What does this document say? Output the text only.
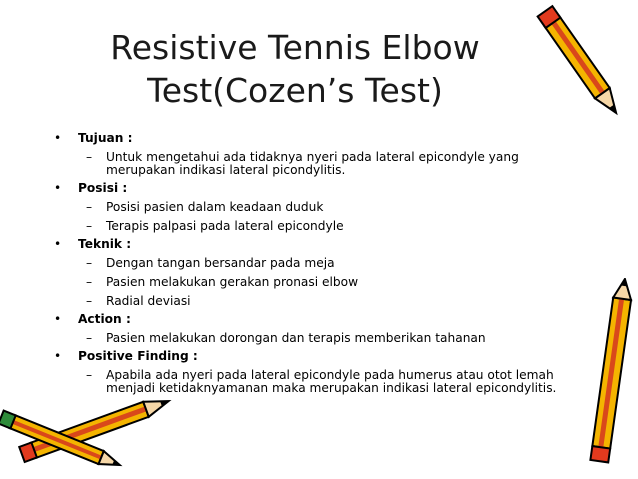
Resistive Tennis Elbow
Test(Cozen’s Test)
• Tujuan :
– Untuk mengetahui ada tidaknya nyeri pada lateral epicondyle yang
merupakan indikasi lateral picondylitis.
• Posisi :
– Posisi pasien dalam keadaan duduk
– Terapis palpasi pada lateral epicondyle
• Teknik :
– Dengan tangan bersandar pada meja
– Pasien melakukan gerakan pronasi elbow
– Radial deviasi
• Action :
– Pasien melakukan dorongan dan terapis memberikan tahanan
• Positive Finding :
– Apabila ada nyeri pada lateral epicondyle pada humerus atau otot lemah
menjadi ketidaknyamanan maka merupakan indikasi lateral epicondylitis.
